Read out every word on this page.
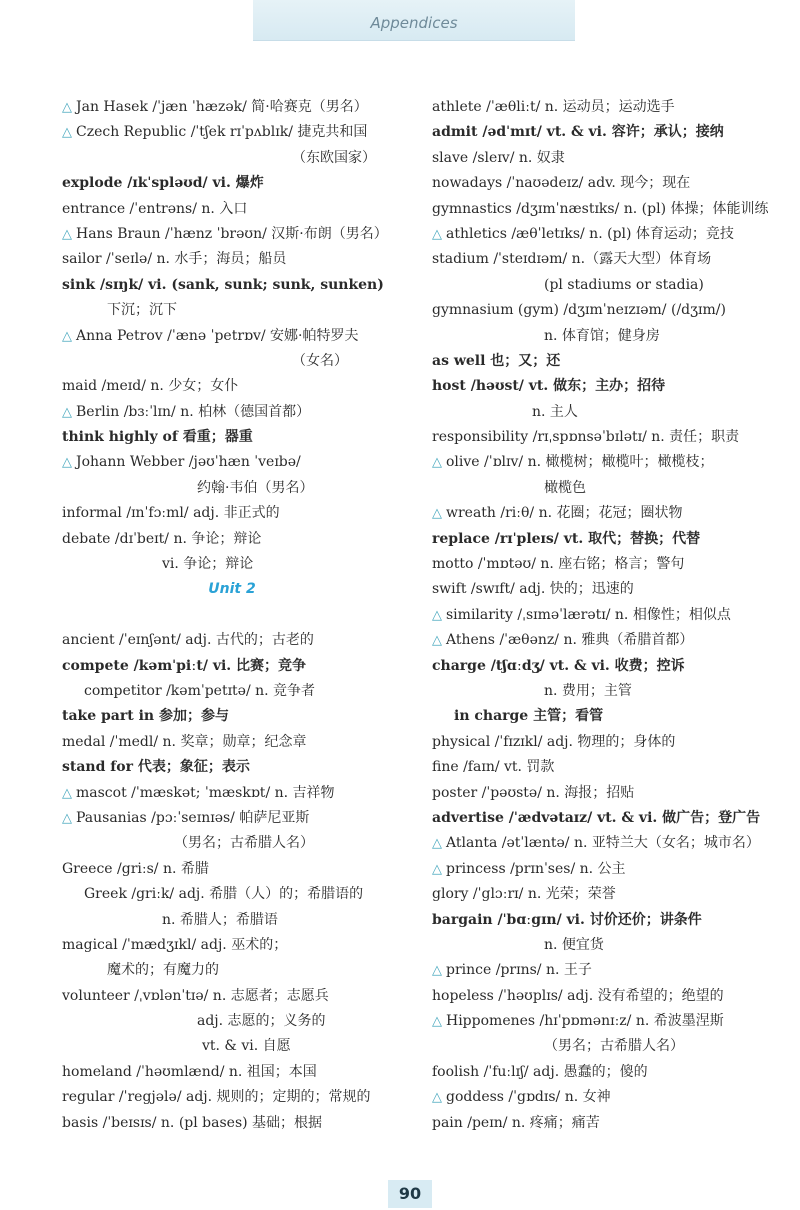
Appendices
△ Jan Hasek /ˈjæn ˈhæzək/ 简·哈赛克（男名）
△ Czech Republic /ˈtʃek rɪˈpʌblɪk/ 捷克共和国
（东欧国家）
explode /ɪkˈspləʊd/ vi. 爆炸
entrance /ˈentrəns/ n. 入口
△ Hans Braun /ˈhænz ˈbrəʊn/ 汉斯·布朗（男名）
sailor /ˈseɪlə/ n. 水手；海员；船员
sink /sɪŋk/ vi. (sank, sunk; sunk, sunken)
下沉；沉下
△ Anna Petrov /ˈænə ˈpetrɒv/ 安娜·帕特罗夫
（女名）
maid /meɪd/ n. 少女；女仆
△ Berlin /bɜːˈlɪn/ n. 柏林（德国首都）
think highly of 看重；器重
△ Johann Webber /jəʊˈhæn ˈveɪbə/
约翰·韦伯（男名）
informal /ɪnˈfɔːml/ adj. 非正式的
debate /dɪˈbeɪt/ n. 争论；辩论
vi. 争论；辩论
Unit 2
ancient /ˈeɪnʃənt/ adj. 古代的；古老的
compete /kəmˈpiːt/ vi. 比赛；竞争
competitor /kəmˈpetɪtə/ n. 竞争者
take part in 参加；参与
medal /ˈmedl/ n. 奖章；勋章；纪念章
stand for 代表；象征；表示
△ mascot /ˈmæskət; ˈmæskɒt/ n. 吉祥物
△ Pausanias /pɔːˈseɪnɪəs/ 帕萨尼亚斯
（男名；古希腊人名）
Greece /griːs/ n. 希腊
Greek /griːk/ adj. 希腊（人）的；希腊语的
n. 希腊人；希腊语
magical /ˈmædʒɪkl/ adj. 巫术的；
魔术的；有魔力的
volunteer /ˌvɒlənˈtɪə/ n. 志愿者；志愿兵
adj. 志愿的；义务的
vt. & vi. 自愿
homeland /ˈhəʊmlænd/ n. 祖国；本国
regular /ˈregjələ/ adj. 规则的；定期的；常规的
basis /ˈbeɪsɪs/ n. (pl bases) 基础；根据
athlete /ˈæθliːt/ n. 运动员；运动选手
admit /ədˈmɪt/ vt. & vi. 容许；承认；接纳
slave /sleɪv/ n. 奴隶
nowadays /ˈnaʊədeɪz/ adv. 现今；现在
gymnastics /dʒɪmˈnæstɪks/ n. (pl) 体操；体能训练
△ athletics /æθˈletɪks/ n. (pl) 体育运动；竞技
stadium /ˈsteɪdɪəm/ n.（露天大型）体育场
(pl stadiums or stadia)
gymnasium (gym) /dʒɪmˈneɪzɪəm/ (/dʒɪm/)
n. 体育馆；健身房
as well 也；又；还
host /həʊst/ vt. 做东；主办；招待
n. 主人
responsibility /rɪˌspɒnsəˈbɪlətɪ/ n. 责任；职责
△ olive /ˈɒlɪv/ n. 橄榄树；橄榄叶；橄榄枝；
橄榄色
△ wreath /riːθ/ n. 花圈；花冠；圈状物
replace /rɪˈpleɪs/ vt. 取代；替换；代替
motto /ˈmɒtəʊ/ n. 座右铭；格言；警句
swift /swɪft/ adj. 快的；迅速的
△ similarity /ˌsɪməˈlærətɪ/ n. 相像性；相似点
△ Athens /ˈæθənz/ n. 雅典（希腊首都）
charge /tʃɑːdʒ/ vt. & vi. 收费；控诉
n. 费用；主管
in charge 主管；看管
physical /ˈfɪzɪkl/ adj. 物理的；身体的
fine /faɪn/ vt. 罚款
poster /ˈpəʊstə/ n. 海报；招贴
advertise /ˈædvətaɪz/ vt. & vi. 做广告；登广告
△ Atlanta /ətˈlæntə/ n. 亚特兰大（女名；城市名）
△ princess /prɪnˈses/ n. 公主
glory /ˈglɔːrɪ/ n. 光荣；荣誉
bargain /ˈbɑːgɪn/ vi. 讨价还价；讲条件
n. 便宜货
△ prince /prɪns/ n. 王子
hopeless /ˈhəʊplɪs/ adj. 没有希望的；绝望的
△ Hippomenes /hɪˈpɒmənɪːz/ n. 希波墨涅斯
（男名；古希腊人名）
foolish /ˈfuːlɪʃ/ adj. 愚蠢的；傻的
△ goddess /ˈgɒdɪs/ n. 女神
pain /peɪn/ n. 疼痛；痛苦
90
